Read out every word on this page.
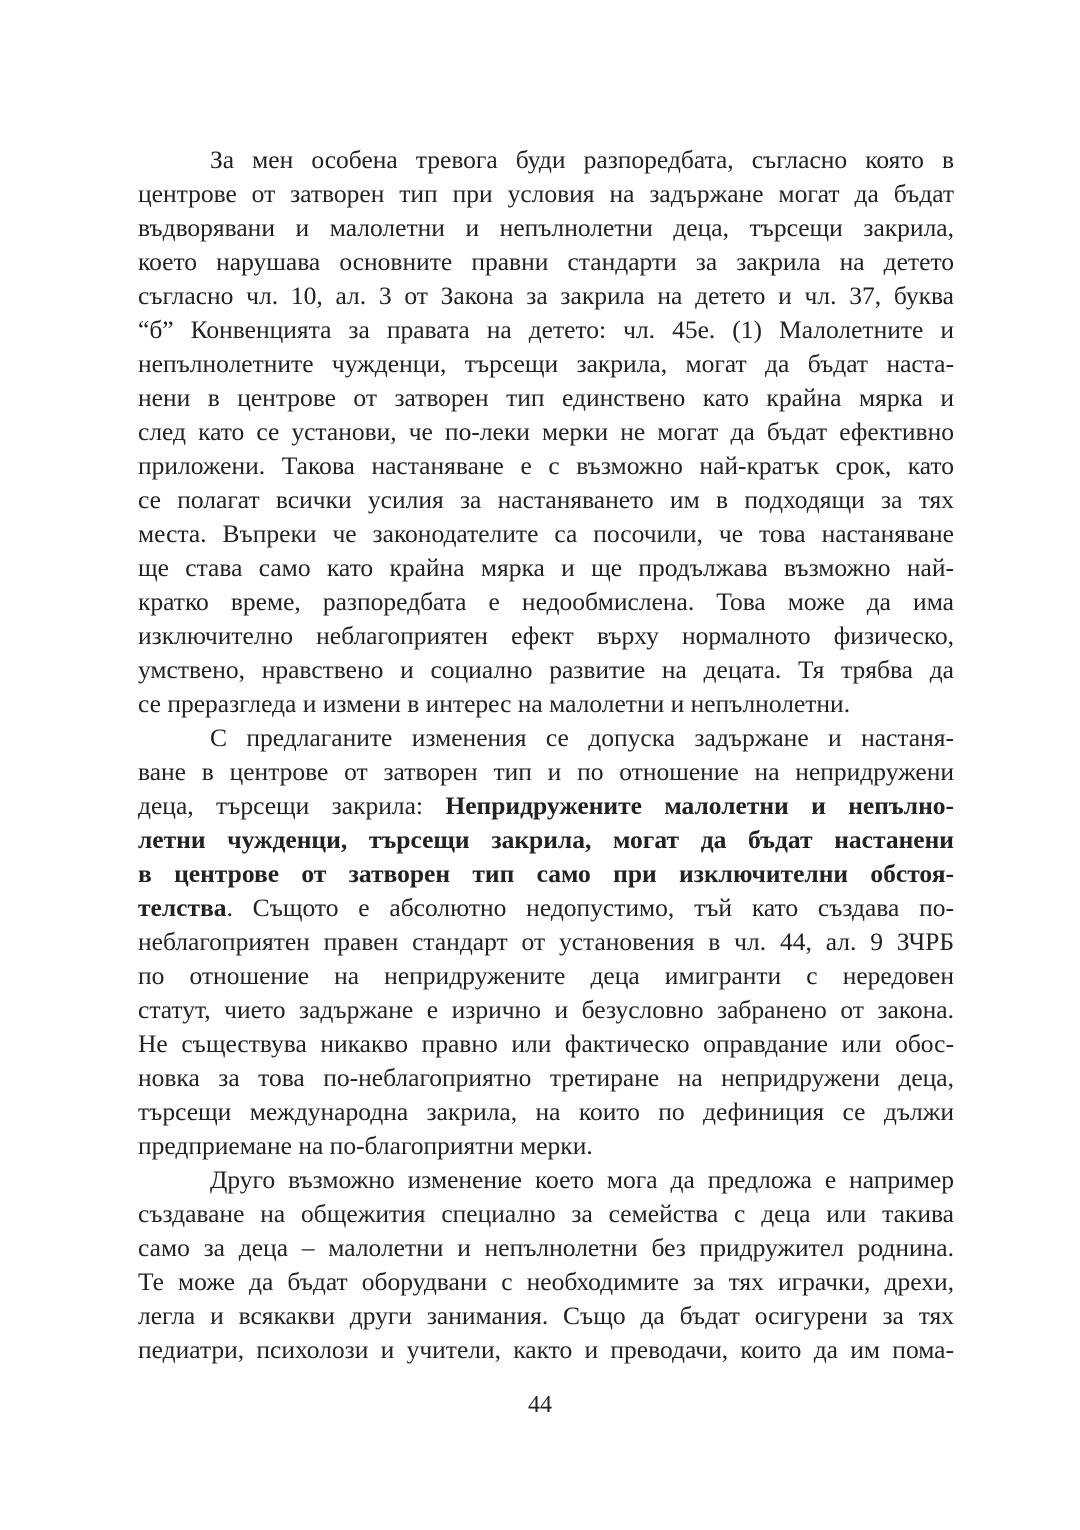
За мен особена тревога буди разпоредбата, съгласно която в
центрове от затворен тип при условия на задържане могат да бъдат
въдворявани и малолетни и непълнолетни деца, търсещи закрила,
което нарушава основните правни стандарти за закрила на детето
съгласно чл. 10, ал. 3 от Закона за закрила на детето и чл. 37, буква
“б” Конвенцията за правата на детето: чл. 45е. (1) Малолетните и
непълнолетните чужденци, търсещи закрила, могат да бъдат наста-
нени в центрове от затворен тип единствено като крайна мярка и
след като се установи, че по-леки мерки не могат да бъдат ефективно
приложени. Такова настаняване е с възможно най-кратък срок, като
се полагат всички усилия за настаняването им в подходящи за тях
места. Въпреки че законодателите са посочили, че това настаняване
ще става само като крайна мярка и ще продължава възможно най-
кратко време, разпоредбата е недообмислена. Това може да има
изключително неблагоприятен ефект върху нормалното физическо,
умствено, нравствено и социално развитие на децата. Тя трябва да
се преразгледа и измени в интерес на малолетни и непълнолетни.
С предлаганите изменения се допуска задържане и настаня-
ване в центрове от затворен тип и по отношение на непридружени
деца, търсещи закрила: Непридружените малолетни и непълно-
летни чужденци, търсещи закрила, могат да бъдат настанени
в центрове от затворен тип само при изключителни обстоя-
телства. Същото е абсолютно недопустимо, тъй като създава по-
неблагоприятен правен стандарт от установения в чл. 44, ал. 9 ЗЧРБ
по отношение на непридружените деца имигранти с нередовен
статут, чието задържане е изрично и безусловно забранено от закона.
Не съществува никакво правно или фактическо оправдание или обос-
новка за това по-неблагоприятно третиране на непридружени деца,
търсещи международна закрила, на които по дефиниция се дължи
предприемане на по-благоприятни мерки.
Друго възможно изменение което мога да предложа е например
създаване на общежития специално за семейства с деца или такива
само за деца – малолетни и непълнолетни без придружител роднина.
Те може да бъдат оборудвани с необходимите за тях играчки, дрехи,
легла и всякакви други занимания. Също да бъдат осигурени за тях
педиатри, психолози и учители, както и преводачи, които да им пома-
44
